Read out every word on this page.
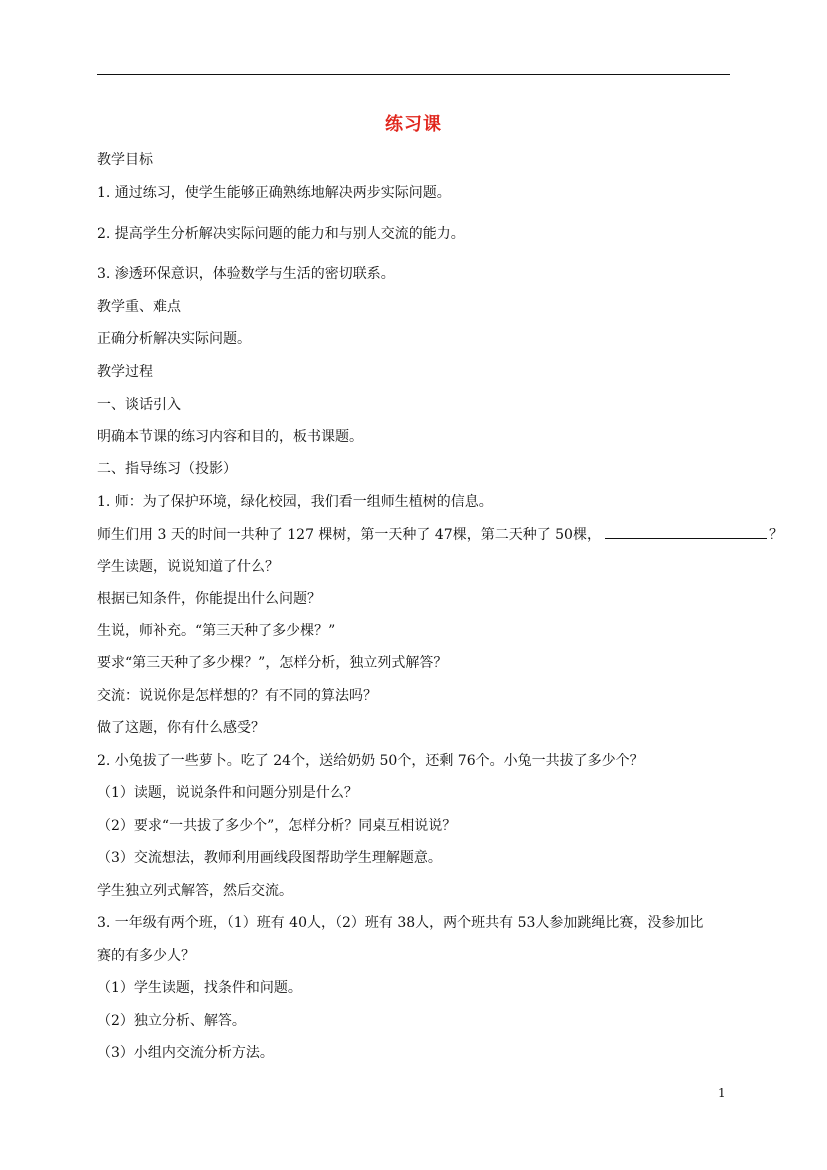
练习课
教学目标
1. 通过练习，使学生能够正确熟练地解决两步实际问题。
2. 提高学生分析解决实际问题的能力和与别人交流的能力。
3. 渗透环保意识，体验数学与生活的密切联系。
教学重、难点
正确分析解决实际问题。
教学过程
一、谈话引入
明确本节课的练习内容和目的，板书课题。
二、指导练习（投影）
1. 师：为了保护环境，绿化校园，我们看一组师生植树的信息。
师生们用 3 天的时间一共种了 127 棵树，第一天种了 47棵，第二天种了 50棵，	？
学生读题，说说知道了什么？
根据已知条件，你能提出什么问题？
生说，师补充。“第三天种了多少棵？”
要求“第三天种了多少棵？”，怎样分析，独立列式解答？
交流：说说你是怎样想的？有不同的算法吗？
做了这题，你有什么感受？
2. 小兔拔了一些萝卜。吃了 24个，送给奶奶 50个，还剩 76个。小兔一共拔了多少个？
（1）读题，说说条件和问题分别是什么？
（2）要求“一共拔了多少个”，怎样分析？同桌互相说说？
（3）交流想法，教师利用画线段图帮助学生理解题意。
学生独立列式解答，然后交流。
3. 一年级有两个班，（1）班有 40人，（2）班有 38人，两个班共有 53人参加跳绳比赛，没参加比
赛的有多少人？
（1）学生读题，找条件和问题。
（2）独立分析、解答。
（3）小组内交流分析方法。
1
